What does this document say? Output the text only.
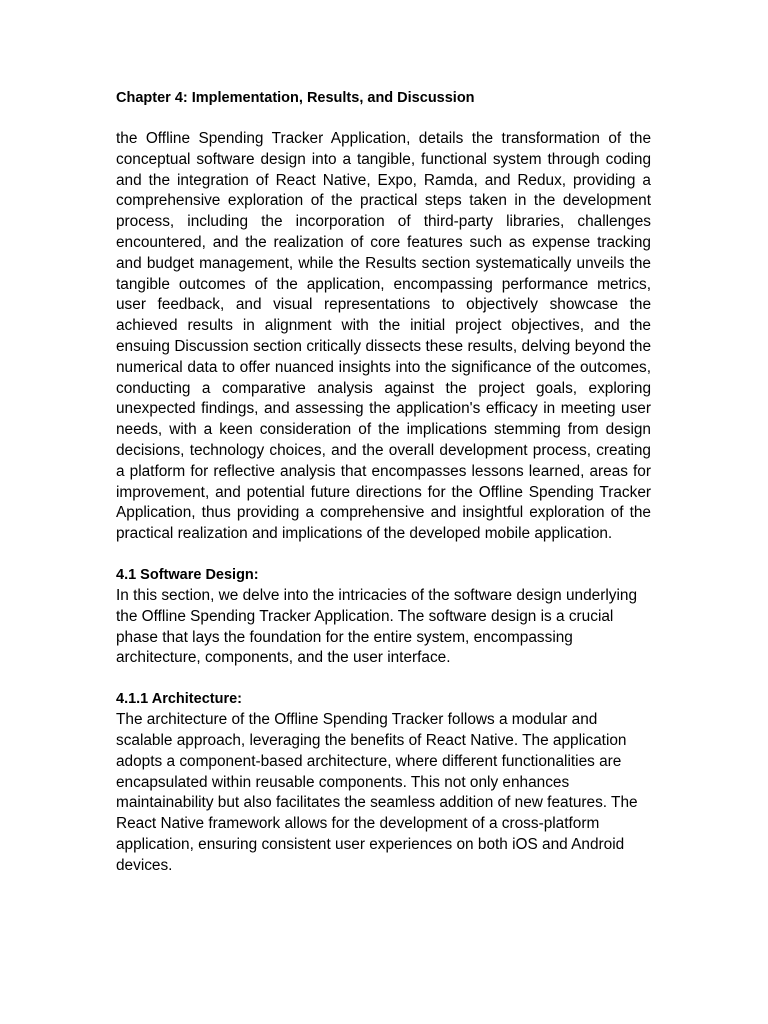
Chapter 4: Implementation, Results, and Discussion

the Offline Spending Tracker Application, details the transformation of the conceptual software design into a tangible, functional system through coding and the integration of React Native, Expo, Ramda, and Redux, providing a comprehensive exploration of the practical steps taken in the development process, including the incorporation of third-party libraries, challenges encountered, and the realization of core features such as expense tracking and budget management, while the Results section systematically unveils the tangible outcomes of the application, encompassing performance metrics, user feedback, and visual representations to objectively showcase the achieved results in alignment with the initial project objectives, and the ensuing Discussion section critically dissects these results, delving beyond the numerical data to offer nuanced insights into the significance of the outcomes, conducting a comparative analysis against the project goals, exploring unexpected findings, and assessing the application's efficacy in meeting user needs, with a keen consideration of the implications stemming from design decisions, technology choices, and the overall development process, creating a platform for reflective analysis that encompasses lessons learned, areas for improvement, and potential future directions for the Offline Spending Tracker Application, thus providing a comprehensive and insightful exploration of the practical realization and implications of the developed mobile application.

4.1 Software Design:

In this section, we delve into the intricacies of the software design underlying the Offline Spending Tracker Application. The software design is a crucial phase that lays the foundation for the entire system, encompassing architecture, components, and the user interface.

4.1.1 Architecture:

The architecture of the Offline Spending Tracker follows a modular and scalable approach, leveraging the benefits of React Native. The application adopts a component-based architecture, where different functionalities are encapsulated within reusable components. This not only enhances maintainability but also facilitates the seamless addition of new features. The React Native framework allows for the development of a cross-platform application, ensuring consistent user experiences on both iOS and Android devices.
